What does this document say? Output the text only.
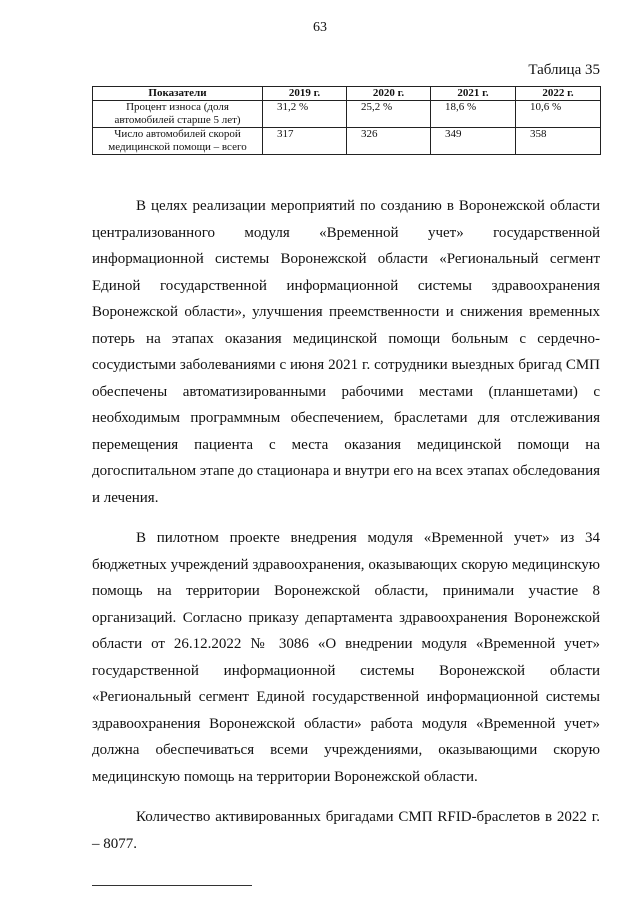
63
Таблица 35
Показатели	2019 г.	2020 г.	2021 г.	2022 г.
Процент износа (доля автомобилей старше 5 лет)	31,2 %	25,2 %	18,6 %	10,6 %
Число автомобилей скорой медицинской помощи – всего	317	326	349	358

В целях реализации мероприятий по созданию в Воронежской области централизованного модуля «Временной учет» государственной информационной системы Воронежской области «Региональный сегмент Единой государственной информационной системы здравоохранения Воронежской области», улучшения преемственности и снижения временных потерь на этапах оказания медицинской помощи больным с сердечно-сосудистыми заболеваниями с июня 2021 г. сотрудники выездных бригад СМП обеспечены автоматизированными рабочими местами (планшетами) с необходимым программным обеспечением, браслетами для отслеживания перемещения пациента с места оказания медицинской помощи на догоспитальном этапе до стационара и внутри его на всех этапах обследования и лечения.

В пилотном проекте внедрения модуля «Временной учет» из 34 бюджетных учреждений здравоохранения, оказывающих скорую медицинскую помощь на территории Воронежской области, принимали участие 8 организаций. Согласно приказу департамента здравоохранения Воронежской области от 26.12.2022 № 3086 «О внедрении модуля «Временной учет» государственной информационной системы Воронежской области «Региональный сегмент Единой государственной информационной системы здравоохранения Воронежской области» работа модуля «Временной учет» должна обеспечиваться всеми учреждениями, оказывающими скорую медицинскую помощь на территории Воронежской области.

Количество активированных бригадами СМП RFID-браслетов в 2022 г. – 8077.
